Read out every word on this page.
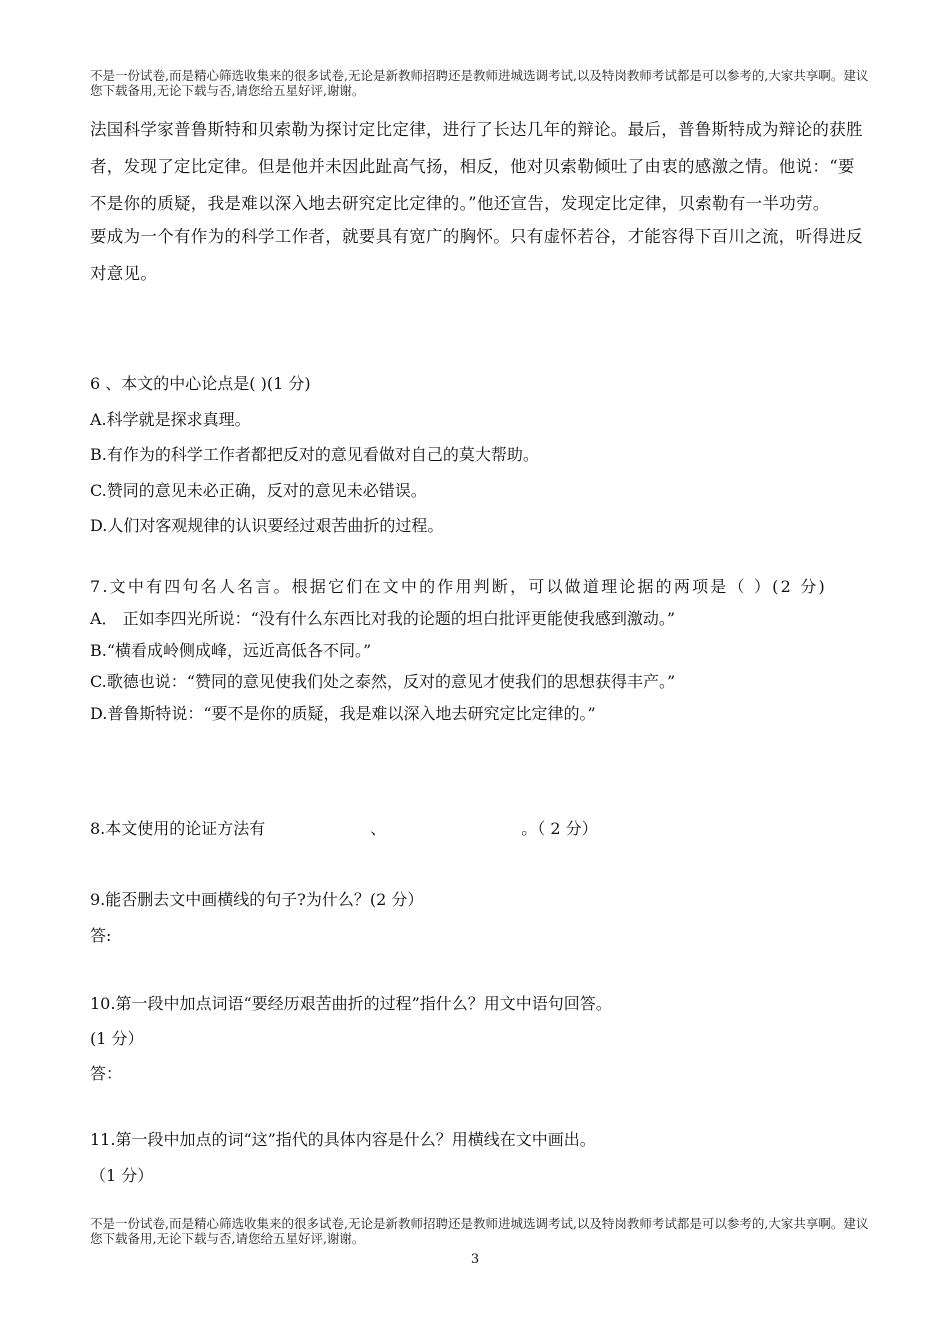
不是一份试卷,而是精心筛选收集来的很多试卷,无论是新教师招聘还是教师进城选调考试,以及特岗教师考试都是可以参考的,大家共享啊。建议您下载备用,无论下载与否,请您给五星好评,谢谢。

法国科学家普鲁斯特和贝索勒为探讨定比定律，进行了长达几年的辩论。最后，普鲁斯特成为辩论的获胜者，发现了定比定律。但是他并未因此趾高气扬，相反，他对贝索勒倾吐了由衷的感激之情。他说：“要不是你的质疑，我是难以深入地去研究定比定律的。”他还宣告，发现定比定律，贝索勒有一半功劳。

要成为一个有作为的科学工作者，就要具有宽广的胸怀。只有虚怀若谷，才能容得下百川之流，听得进反对意见。

6 、本文的中心论点是( )(1 分)

A.科学就是探求真理。

B.有作为的科学工作者都把反对的意见看做对自己的莫大帮助。

C.赞同的意见未必正确，反对的意见未必错误。

D.人们对客观规律的认识要经过艰苦曲折的过程。

7.文中有四句名人名言。根据它们在文中的作用判断，可以做道理论据的两项是（ ）(2 分)

A． 正如李四光所说：“没有什么东西比对我的论题的坦白批评更能使我感到激动。”

B.“横看成岭侧成峰，远近高低各不同。”

C.歌德也说：“赞同的意见使我们处之泰然，反对的意见才使我们的思想获得丰产。”

D.普鲁斯特说：“要不是你的质疑，我是难以深入地去研究定比定律的。”

8.本文使用的论证方法有	、	。（ 2 分）

9.能否删去文中画横线的句子?为什么？(2 分）

答:

10.第一段中加点词语“要经历艰苦曲折的过程”指什么？用文中语句回答。

(1 分）

答：

11.第一段中加点的词“这”指代的具体内容是什么？用横线在文中画出。

（1 分）

不是一份试卷,而是精心筛选收集来的很多试卷,无论是新教师招聘还是教师进城选调考试,以及特岗教师考试都是可以参考的,大家共享啊。建议您下载备用,无论下载与否,请您给五星好评,谢谢。
3
